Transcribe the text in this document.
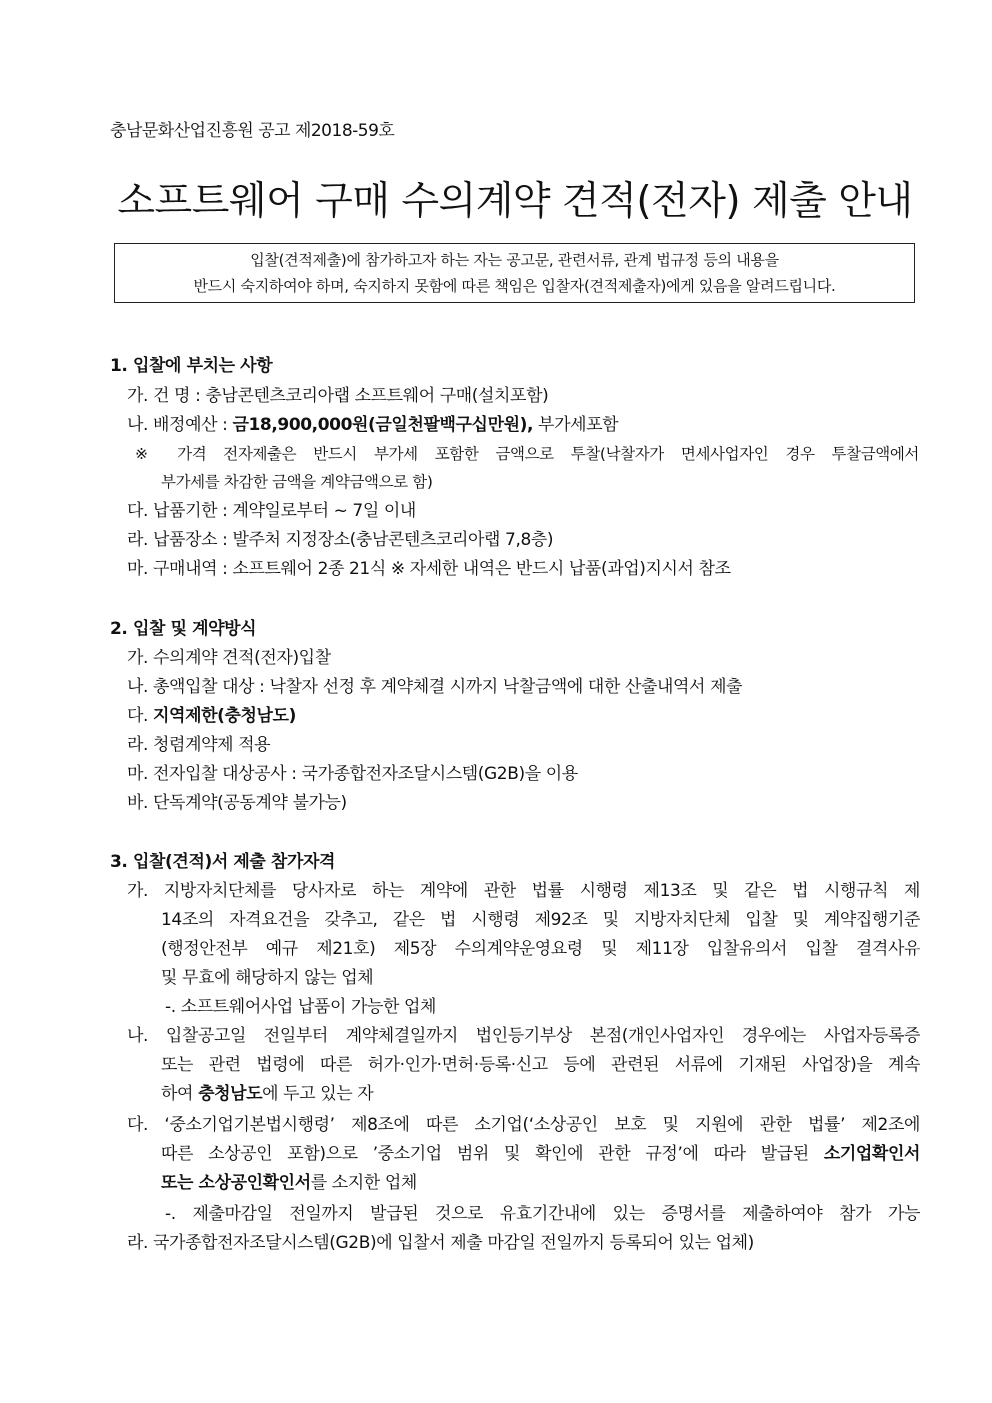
충남문화산업진흥원 공고 제2018-59호
소프트웨어 구매 수의계약 견적(전자) 제출 안내
입찰(견적제출)에 참가하고자 하는 자는 공고문, 관련서류, 관계 법규정 등의 내용을
반드시 숙지하여야 하며, 숙지하지 못함에 따른 책임은 입찰자(견적제출자)에게 있음을 알려드립니다.
1. 입찰에 부치는 사항
가. 건 명 : 충남콘텐츠코리아랩 소프트웨어 구매(설치포함)
나. 배정예산 : 금18,900,000원(금일천팔백구십만원), 부가세포함
※ 가격 전자제출은 반드시 부가세 포함한 금액으로 투찰(낙찰자가 면세사업자인 경우 투찰금액에서
부가세를 차감한 금액을 계약금액으로 함)
다. 납품기한 : 계약일로부터 ~ 7일 이내
라. 납품장소 : 발주처 지정장소(충남콘텐츠코리아랩 7,8층)
마. 구매내역 : 소프트웨어 2종 21식 ※ 자세한 내역은 반드시 납품(과업)지시서 참조
2. 입찰 및 계약방식
가. 수의계약 견적(전자)입찰
나. 총액입찰 대상 : 낙찰자 선정 후 계약체결 시까지 낙찰금액에 대한 산출내역서 제출
다. 지역제한(충청남도)
라. 청렴계약제 적용
마. 전자입찰 대상공사 : 국가종합전자조달시스템(G2B)을 이용
바. 단독계약(공동계약 불가능)
3. 입찰(견적)서 제출 참가자격
가. 지방자치단체를 당사자로 하는 계약에 관한 법률 시행령 제13조 및 같은 법 시행규칙 제
14조의 자격요건을 갖추고, 같은 법 시행령 제92조 및 지방자치단체 입찰 및 계약집행기준
(행정안전부 예규 제21호) 제5장 수의계약운영요령 및 제11장 입찰유의서 입찰 결격사유
및 무효에 해당하지 않는 업체
-. 소프트웨어사업 납품이 가능한 업체
나. 입찰공고일 전일부터 계약체결일까지 법인등기부상 본점(개인사업자인 경우에는 사업자등록증
또는 관련 법령에 따른 허가·인가·면허·등록·신고 등에 관련된 서류에 기재된 사업장)을 계속
하여 충청남도에 두고 있는 자
다. ‘중소기업기본법시행령’ 제8조에 따른 소기업(‘소상공인 보호 및 지원에 관한 법률’ 제2조에
따른 소상공인 포함)으로 ’중소기업 범위 및 확인에 관한 규정’에 따라 발급된 소기업확인서
또는 소상공인확인서를 소지한 업체
-. 제출마감일 전일까지 발급된 것으로 유효기간내에 있는 증명서를 제출하여야 참가 가능
라. 국가종합전자조달시스템(G2B)에 입찰서 제출 마감일 전일까지 등록되어 있는 업체)
